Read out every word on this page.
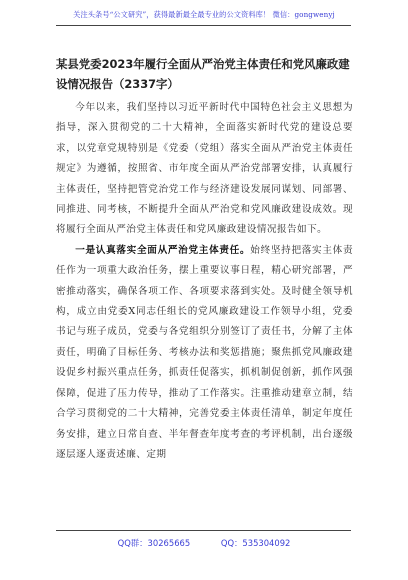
关注头条号“公文研究”，获得最新最全最专业的公文资料库！ 微信：gongwenyj
某县党委2023年履行全面从严治党主体责任和党风廉政建设情况报告（2337字）

今年以来，我们坚持以习近平新时代中国特色社会主义思想为指导，深入贯彻党的二十大精神，全面落实新时代党的建设总要求，以党章党规特别是《党委（党组）落实全面从严治党主体责任规定》为遵循，按照省、市年度全面从严治党部署安排，认真履行主体责任，坚持把管党治党工作与经济建设发展同谋划、同部署、同推进、同考核，不断提升全面从严治党和党风廉政建设成效。现将履行全面从严治党主体责任和党风廉政建设情况报告如下。

一是认真落实全面从严治党主体责任。始终坚持把落实主体责任作为一项重大政治任务，摆上重要议事日程，精心研究部署，严密推动落实，确保各项工作、各项要求落到实处。及时健全领导机构，成立由党委X同志任组长的党风廉政建设工作领导小组，党委书记与班子成员，党委与各党组织分别签订了责任书，分解了主体责任，明确了目标任务、考核办法和奖惩措施；聚焦抓党风廉政建设促乡村振兴重点任务，抓责任促落实，抓机制促创新，抓作风强保障，促进了压力传导，推动了工作落实。注重推动建章立制，结合学习贯彻党的二十大精神，完善党委主体责任清单，制定年度任务安排，建立日常自查、半年督查年度考查的考评机制，出台逐级逐层逐人逐责述廉、定期

QQ群：30265665	QQ：535304092
